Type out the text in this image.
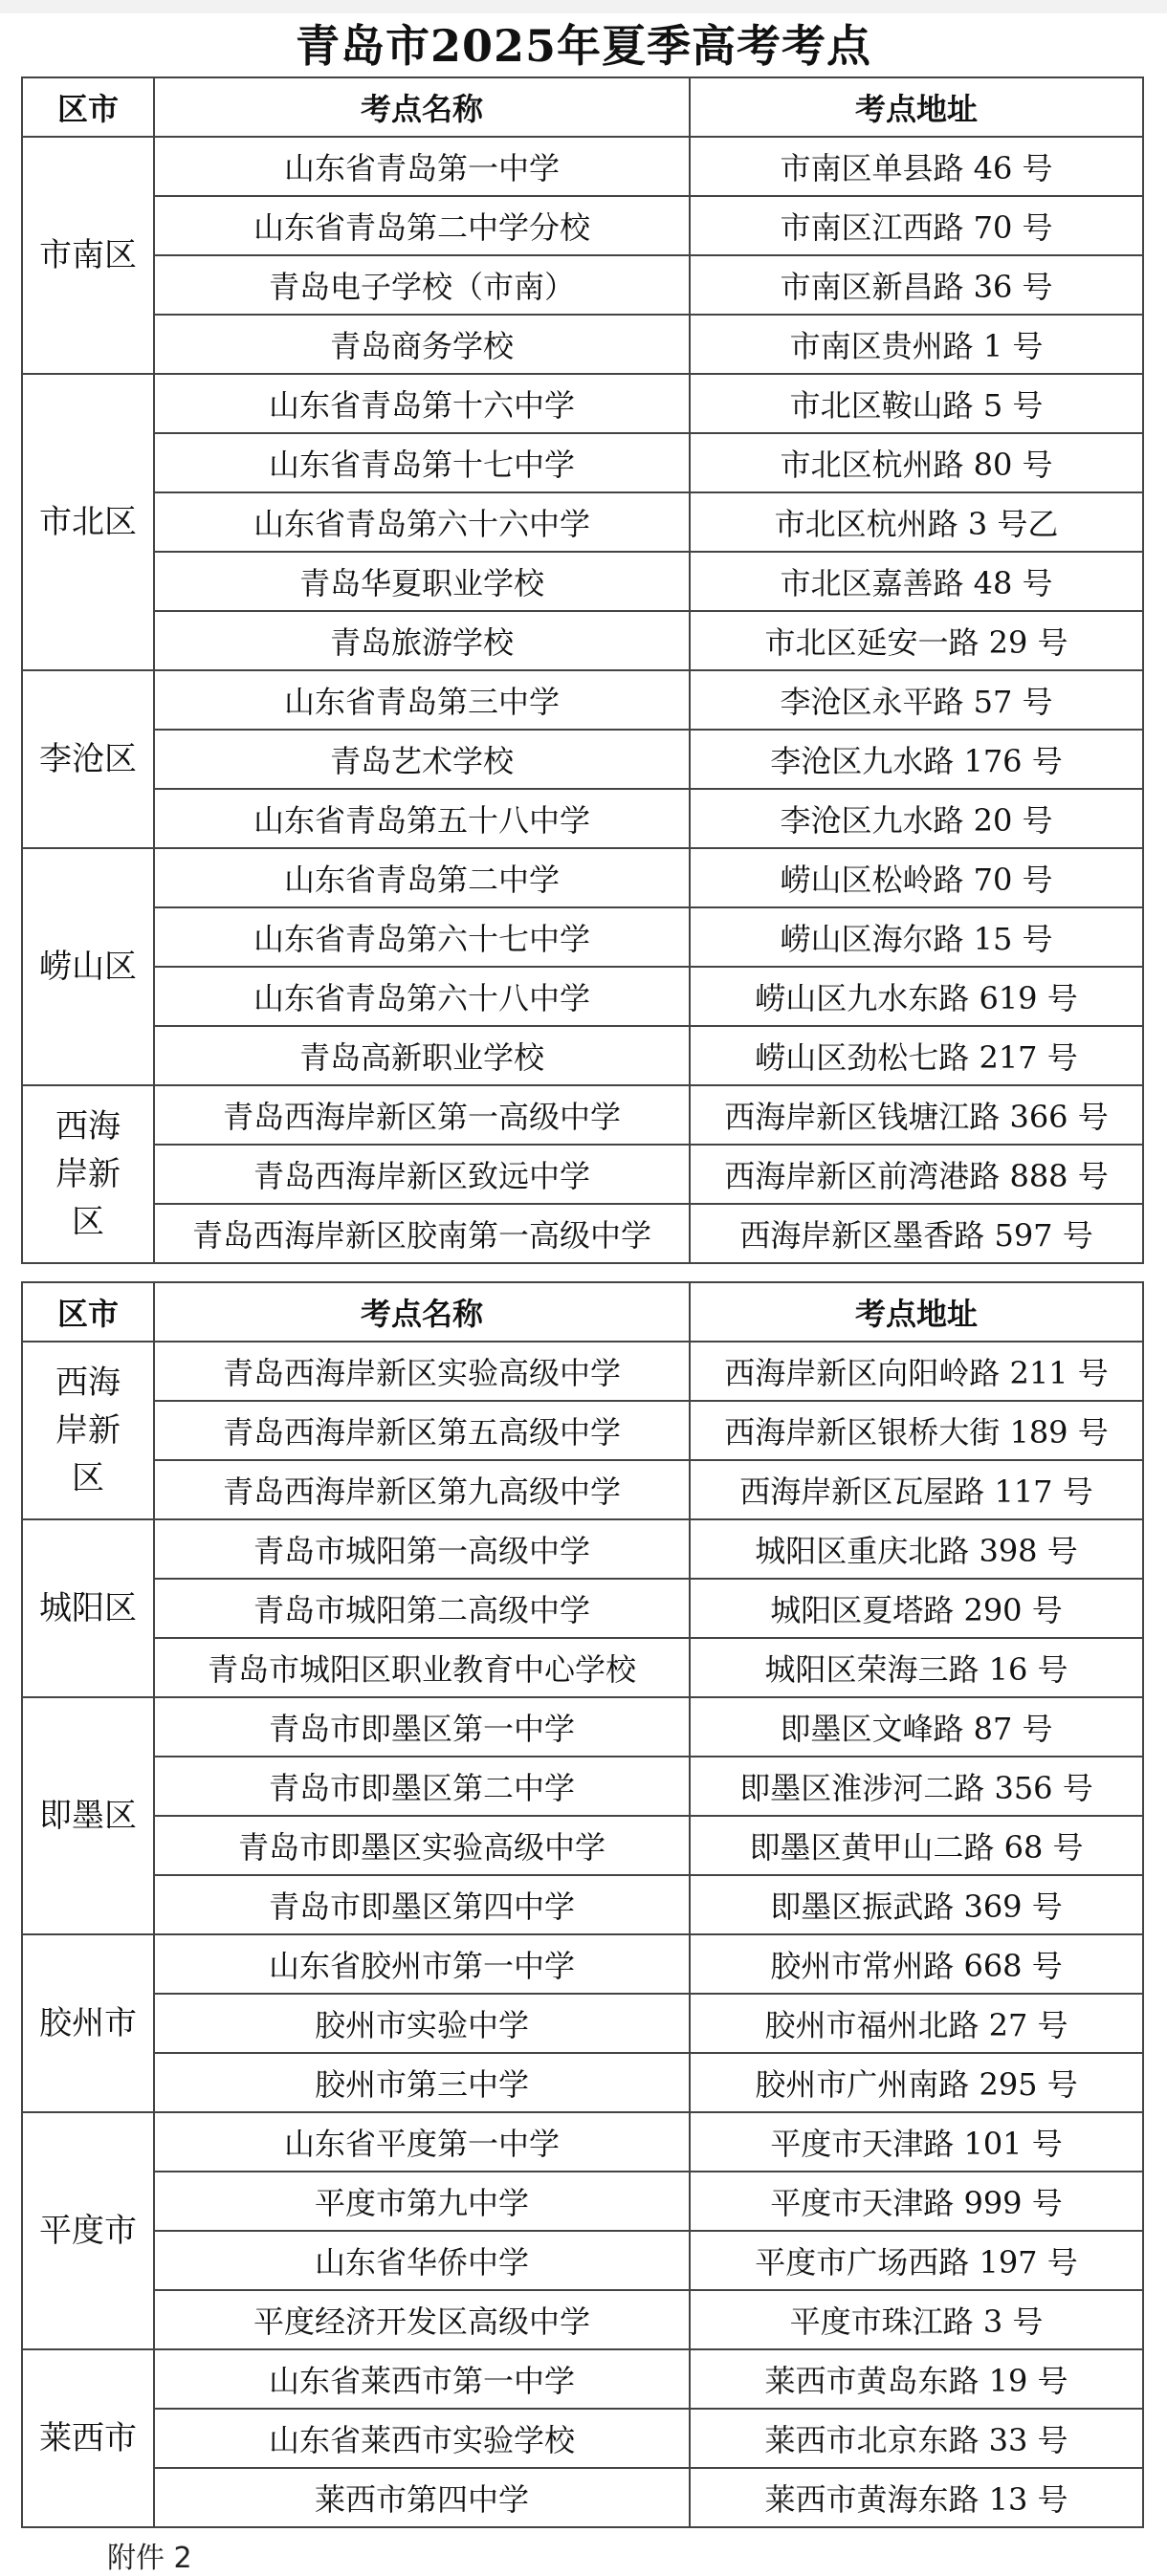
青岛市2025年夏季高考考点
区市	考点名称	考点地址
市南区	山东省青岛第一中学	市南区单县路 46 号
	山东省青岛第二中学分校	市南区江西路 70 号
	青岛电子学校（市南）	市南区新昌路 36 号
	青岛商务学校	市南区贵州路 1 号
市北区	山东省青岛第十六中学	市北区鞍山路 5 号
	山东省青岛第十七中学	市北区杭州路 80 号
	山东省青岛第六十六中学	市北区杭州路 3 号乙
	青岛华夏职业学校	市北区嘉善路 48 号
	青岛旅游学校	市北区延安一路 29 号
李沧区	山东省青岛第三中学	李沧区永平路 57 号
	青岛艺术学校	李沧区九水路 176 号
	山东省青岛第五十八中学	李沧区九水路 20 号
崂山区	山东省青岛第二中学	崂山区松岭路 70 号
	山东省青岛第六十七中学	崂山区海尔路 15 号
	山东省青岛第六十八中学	崂山区九水东路 619 号
	青岛高新职业学校	崂山区劲松七路 217 号
西海岸新区	青岛西海岸新区第一高级中学	西海岸新区钱塘江路 366 号
	青岛西海岸新区致远中学	西海岸新区前湾港路 888 号
	青岛西海岸新区胶南第一高级中学	西海岸新区墨香路 597 号
区市	考点名称	考点地址
西海岸新区	青岛西海岸新区实验高级中学	西海岸新区向阳岭路 211 号
	青岛西海岸新区第五高级中学	西海岸新区银桥大街 189 号
	青岛西海岸新区第九高级中学	西海岸新区瓦屋路 117 号
城阳区	青岛市城阳第一高级中学	城阳区重庆北路 398 号
	青岛市城阳第二高级中学	城阳区夏塔路 290 号
	青岛市城阳区职业教育中心学校	城阳区荣海三路 16 号
即墨区	青岛市即墨区第一中学	即墨区文峰路 87 号
	青岛市即墨区第二中学	即墨区淮涉河二路 356 号
	青岛市即墨区实验高级中学	即墨区黄甲山二路 68 号
	青岛市即墨区第四中学	即墨区振武路 369 号
胶州市	山东省胶州市第一中学	胶州市常州路 668 号
	胶州市实验中学	胶州市福州北路 27 号
	胶州市第三中学	胶州市广州南路 295 号
平度市	山东省平度第一中学	平度市天津路 101 号
	平度市第九中学	平度市天津路 999 号
	山东省华侨中学	平度市广场西路 197 号
	平度经济开发区高级中学	平度市珠江路 3 号
莱西市	山东省莱西市第一中学	莱西市黄岛东路 19 号
	山东省莱西市实验学校	莱西市北京东路 33 号
	莱西市第四中学	莱西市黄海东路 13 号
附件 2
